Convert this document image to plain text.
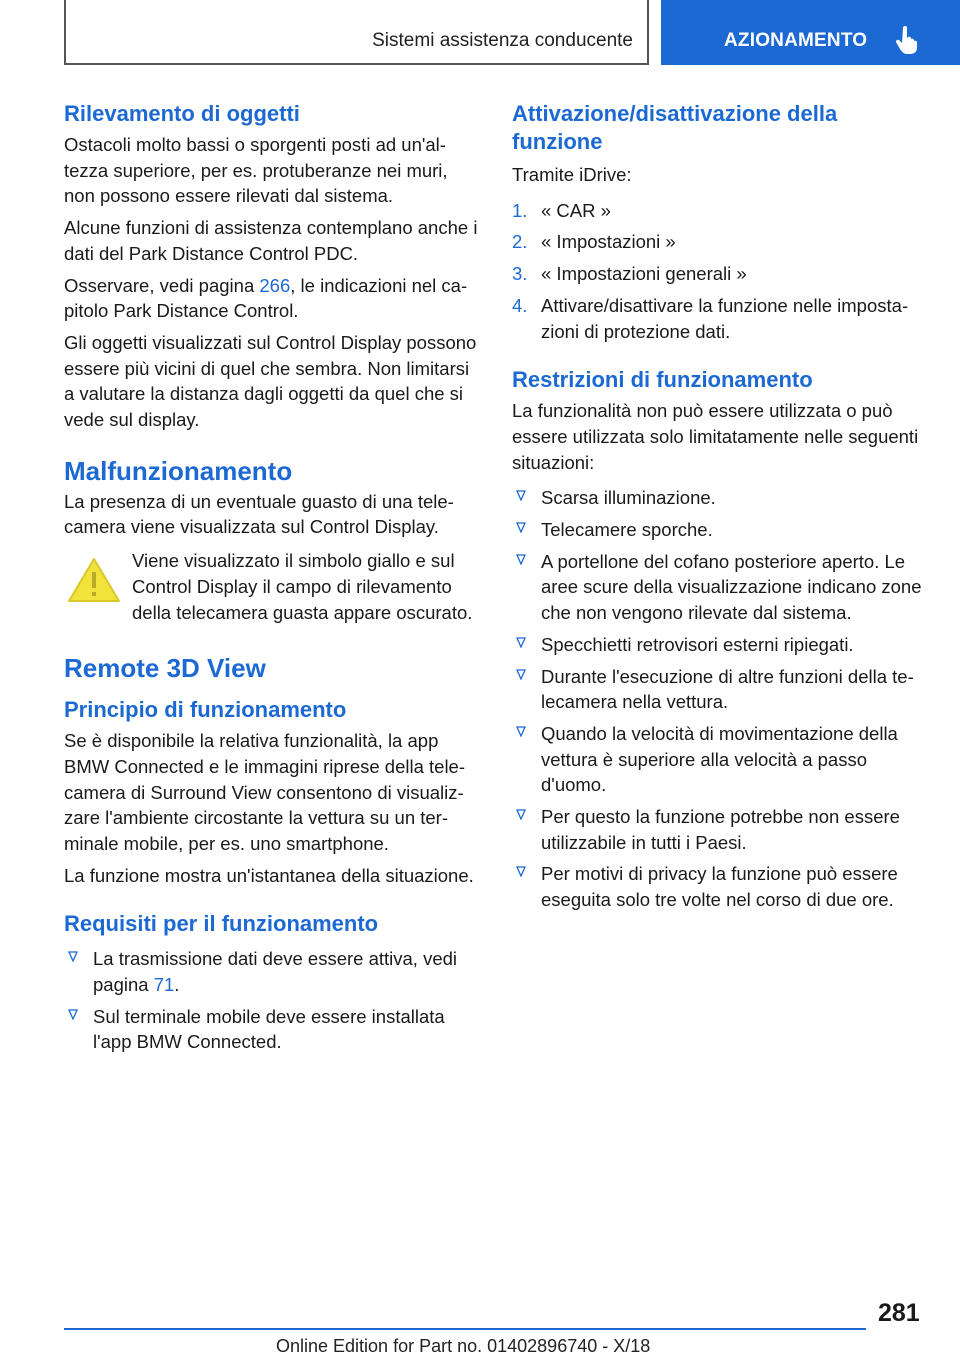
Sistemi assistenza conducente	AZIONAMENTO
Rilevamento di oggetti

Ostacoli molto bassi o sporgenti posti ad un'altezza superiore, per es. protuberanze nei muri, non possono essere rilevati dal sistema.

Alcune funzioni di assistenza contemplano anche i dati del Park Distance Control PDC.

Osservare, vedi pagina 266, le indicazioni nel capitolo Park Distance Control.

Gli oggetti visualizzati sul Control Display possono essere più vicini di quel che sembra. Non limitarsi a valutare la distanza dagli oggetti da quel che si vede sul display.

Malfunzionamento

La presenza di un eventuale guasto di una telecamera viene visualizzata sul Control Display.

Viene visualizzato il simbolo giallo e sul Control Display il campo di rilevamento della telecamera guasta appare oscurato.

Remote 3D View
Principio di funzionamento

Se è disponibile la relativa funzionalità, la app BMW Connected e le immagini riprese della telecamera di Surround View consentono di visualizzare l'ambiente circostante la vettura su un terminale mobile, per es. uno smartphone.

La funzione mostra un'istantanea della situazione.

Requisiti per il funzionamento
La trasmissione dati deve essere attiva, vedi pagina 71.
Sul terminale mobile deve essere installata l'app BMW Connected.
Attivazione/disattivazione della funzione

Tramite iDrive:

1. « CAR »
2. « Impostazioni »
3. « Impostazioni generali »
4. Attivare/disattivare la funzione nelle impostazioni di protezione dati.
Restrizioni di funzionamento

La funzionalità non può essere utilizzata o può essere utilizzata solo limitatamente nelle seguenti situazioni:

Scarsa illuminazione.
Telecamere sporche.
A portellone del cofano posteriore aperto. Le aree scure della visualizzazione indicano zone che non vengono rilevate dal sistema.
Specchietti retrovisori esterni ripiegati.
Durante l'esecuzione di altre funzioni della telecamera nella vettura.
Quando la velocità di movimentazione della vettura è superiore alla velocità a passo d'uomo.
Per questo la funzione potrebbe non essere utilizzabile in tutti i Paesi.
Per motivi di privacy la funzione può essere eseguita solo tre volte nel corso di due ore.
281
Online Edition for Part no. 01402896740 - X/18
